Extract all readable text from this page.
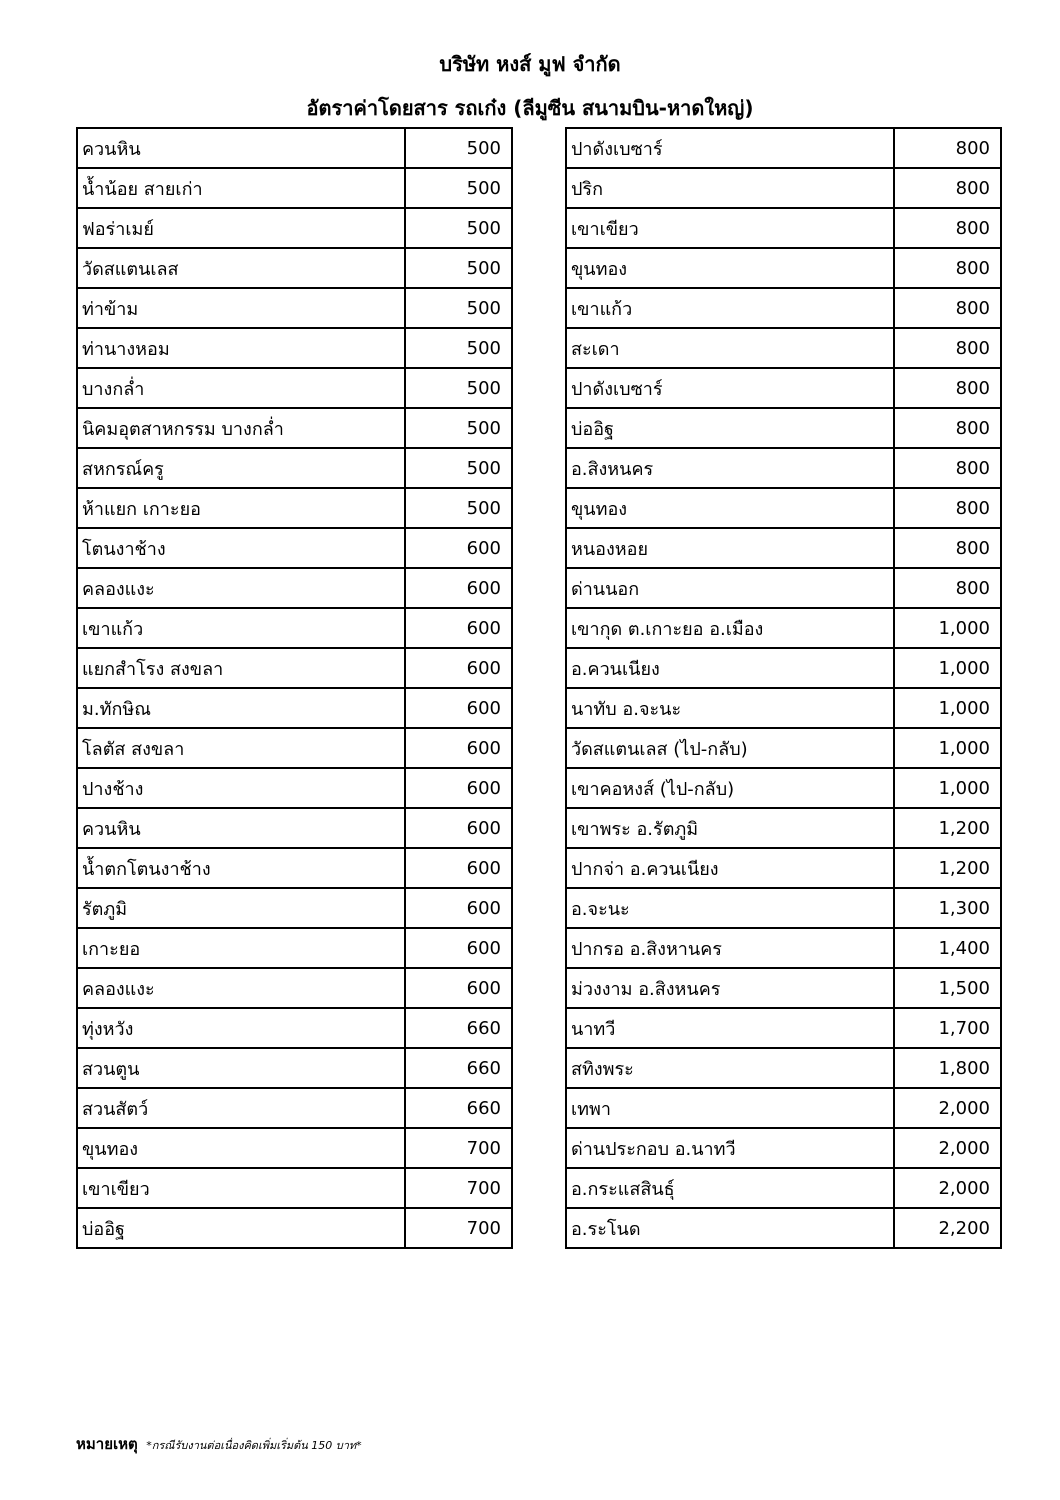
บริษัท หงส์ มูฟ จำกัด
อัตราค่าโดยสาร รถเก๋ง (ลีมูซีน สนามบิน-หาดใหญ่)
ควนหิน	500
น้ำน้อย สายเก่า	500
ฟอร่าเมย์	500
วัดสแตนเลส	500
ท่าข้าม	500
ท่านางหอม	500
บางกล่ำ	500
นิคมอุตสาหกรรม บางกล่ำ	500
สหกรณ์ครู	500
ห้าแยก เกาะยอ	500
โตนงาช้าง	600
คลองแงะ	600
เขาแก้ว	600
แยกสำโรง สงขลา	600
ม.ทักษิณ	600
โลตัส สงขลา	600
ปางช้าง	600
ควนหิน	600
น้ำตกโตนงาช้าง	600
รัตภูมิ	600
เกาะยอ	600
คลองแงะ	600
ทุ่งหวัง	660
สวนตูน	660
สวนสัตว์	660
ขุนทอง	700
เขาเขียว	700
บ่ออิฐ	700
ปาดังเบซาร์	800
ปริก	800
เขาเขียว	800
ขุนทอง	800
เขาแก้ว	800
สะเดา	800
ปาดังเบซาร์	800
บ่ออิฐ	800
อ.สิงหนคร	800
ขุนทอง	800
หนองหอย	800
ด่านนอก	800
เขากุด ต.เกาะยอ อ.เมือง	1,000
อ.ควนเนียง	1,000
นาทับ อ.จะนะ	1,000
วัดสแตนเลส (ไป-กลับ)	1,000
เขาคอหงส์ (ไป-กลับ)	1,000
เขาพระ อ.รัตภูมิ	1,200
ปากจ่า อ.ควนเนียง	1,200
อ.จะนะ	1,300
ปากรอ อ.สิงหานคร	1,400
ม่วงงาม อ.สิงหนคร	1,500
นาทวี	1,700
สทิงพระ	1,800
เทพา	2,000
ด่านประกอบ อ.นาทวี	2,000
อ.กระแสสินธุ์	2,000
อ.ระโนด	2,200
หมายเหตุ *กรณีรับงานต่อเนื่องคิดเพิ่มเริ่มต้น 150 บาท*
